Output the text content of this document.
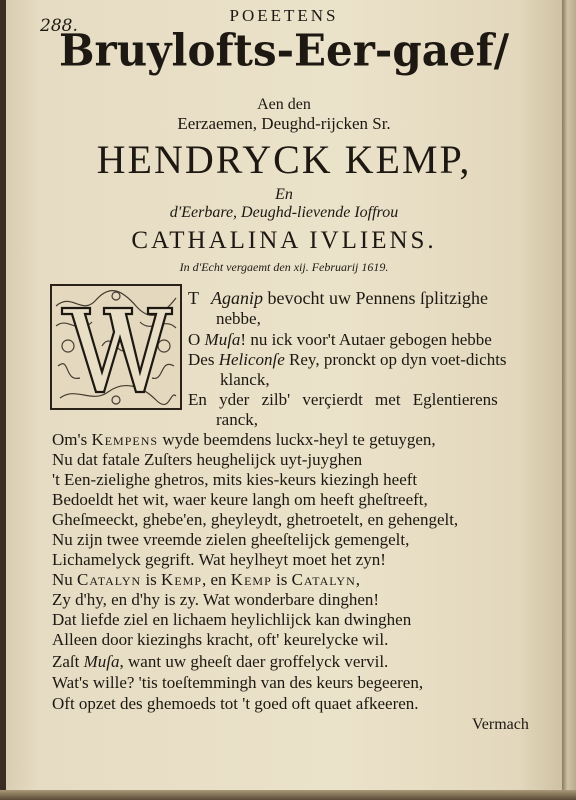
288.
POEETENS
Bruylofts-Eer-gaef/
Aen den
Eerzaemen, Deughd-rijcken Sr.
HENDRYCK KEMP,
En
d'Eerbare, Deughd-lievende Ioffrou
CATHALINA IVLIENS.
In d'Echt vergaemt den xij. Februarij 1619.
T Aganip bevocht uw Pennens ſplitzighe
nebbe,
O Muſa! nu ick voor't Autaer gebogen hebbe
Des Heliconſe Rey, pronckt op dyn voet-dichts
klanck,
En yder zilb' verçierdt met Eglentierens
ranck,
Om's Kempens wyde beemdens luckx-heyl te getuygen,
Nu dat fatale Zuſters heughelijck uyt-juyghen
't Een-zielighe ghetros, mits kies-keurs kiezingh heeft
Bedoeldt het wit, waer keure langh om heeft gheſtreeft,
Gheſmeeckt, ghebe'en, gheyleydt, ghetroetelt, en gehengelt,
Nu zijn twee vreemde zielen gheeſtelijck gemengelt,
Lichamelyck gegrift. Wat heylheyt moet het zyn!
Nu Catalyn is Kemp, en Kemp is Catalyn,
Zy d'hy, en d'hy is zy. Wat wonderbare dinghen!
Dat liefde ziel en lichaem heylichlijck kan dwinghen
Alleen door kiezinghs kracht, oft' keurelycke wil.
Zaſt Muſa, want uw gheeſt daer groffelyck vervil.
Wat's wille? 'tis toeſtemmingh van des keurs begeeren,
Oft opzet des ghemoeds tot 't goed oft quaet afkeeren.
Vermach
